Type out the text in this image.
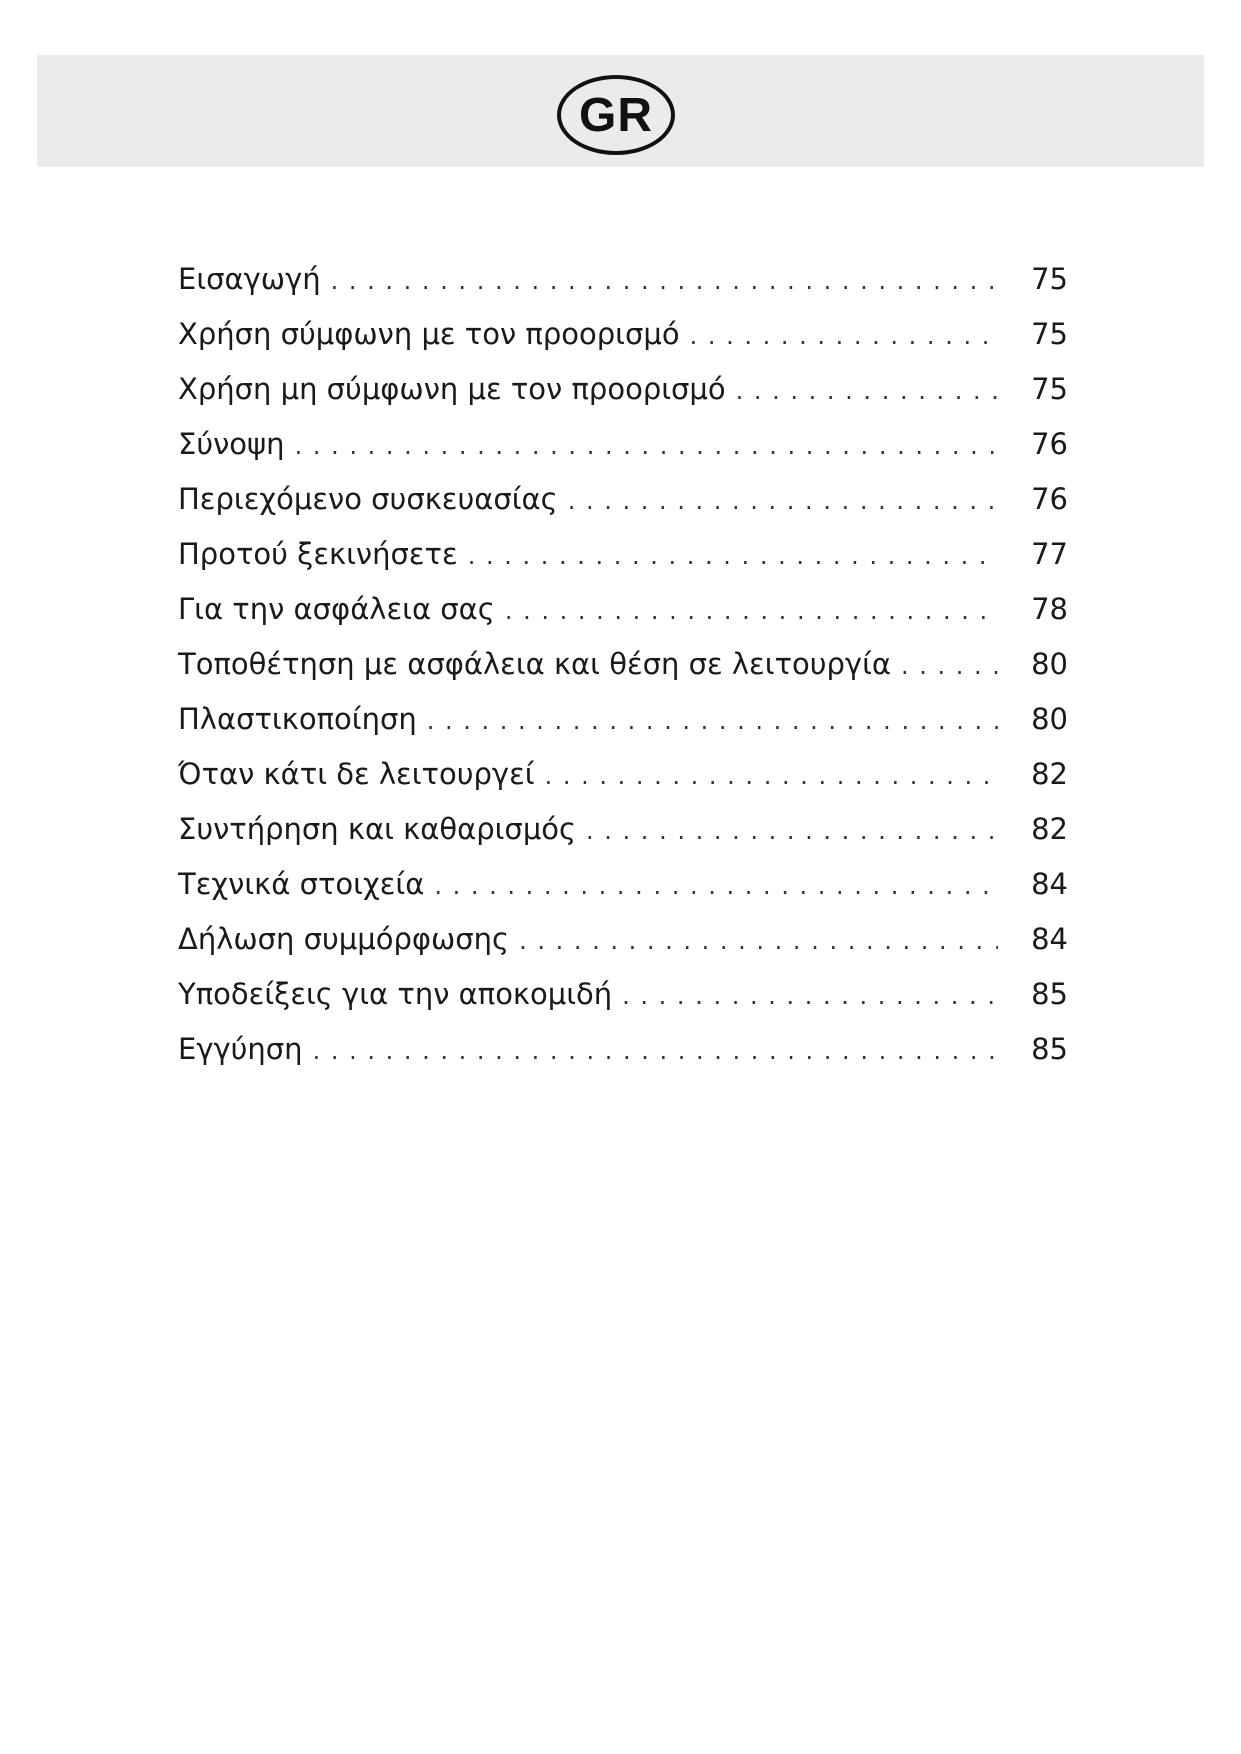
GR
Εισαγωγή . . .	75
Χρήση σύμφωνη με τον προορισμό . . .	75
Χρήση μη σύμφωνη με τον προορισμό . . .	75
Σύνοψη . . .	76
Περιεχόμενο συσκευασίας . . .	76
Προτού ξεκινήσετε . . .	77
Για την ασφάλεια σας . . .	78
Τοποθέτηση με ασφάλεια και θέση σε λειτουργία . . .	80
Πλαστικοποίηση . . .	80
Όταν κάτι δε λειτουργεί . . .	82
Συντήρηση και καθαρισμός . . .	82
Τεχνικά στοιχεία . . .	84
Δήλωση συμμόρφωσης . . .	84
Υποδείξεις για την αποκομιδή . . .	85
Εγγύηση . . .	85
